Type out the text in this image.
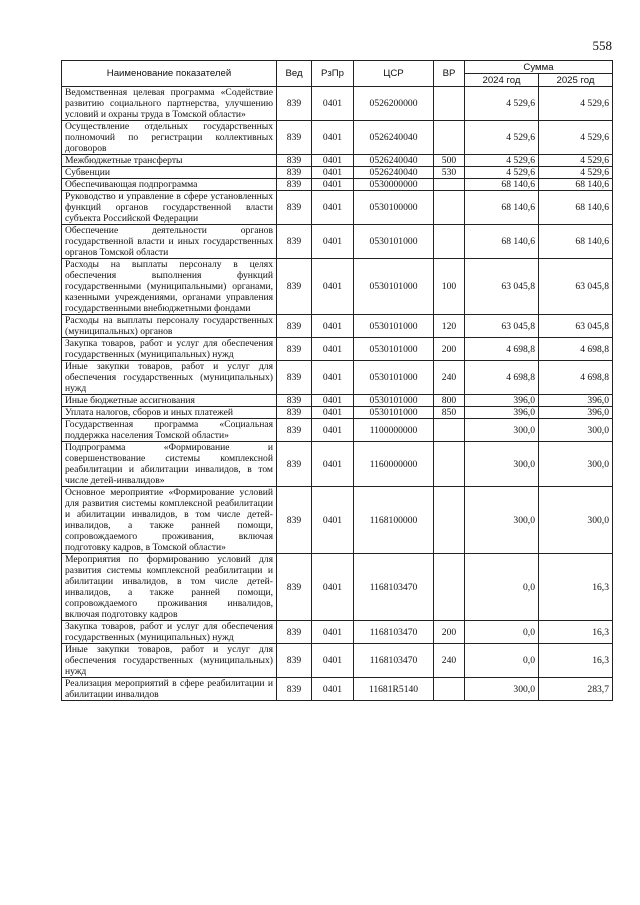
558
Наименование показателей	Вед	РзПр	ЦСР	ВР	Сумма	
					2024 год	2025 год
Ведомственная целевая программа «Содействие развитию социального партнерства, улучшению условий и охраны труда в Томской области»	839	0401	0526200000		4 529,6	4 529,6
Осуществление отдельных государственных полномочий по регистрации коллективных договоров	839	0401	0526240040		4 529,6	4 529,6
Межбюджетные трансферты	839	0401	0526240040	500	4 529,6	4 529,6
Субвенции	839	0401	0526240040	530	4 529,6	4 529,6
Обеспечивающая подпрограмма	839	0401	0530000000		68 140,6	68 140,6
Руководство и управление в сфере установленных функций органов государственной власти субъекта Российской Федерации	839	0401	0530100000		68 140,6	68 140,6
Обеспечение деятельности органов государственной власти и иных государственных органов Томской области	839	0401	0530101000		68 140,6	68 140,6
Расходы на выплаты персоналу в целях обеспечения выполнения функций государственными (муниципальными) органами, казенными учреждениями, органами управления государственными внебюджетными фондами	839	0401	0530101000	100	63 045,8	63 045,8
Расходы на выплаты персоналу государственных (муниципальных) органов	839	0401	0530101000	120	63 045,8	63 045,8
Закупка товаров, работ и услуг для обеспечения государственных (муниципальных) нужд	839	0401	0530101000	200	4 698,8	4 698,8
Иные закупки товаров, работ и услуг для обеспечения государственных (муниципальных) нужд	839	0401	0530101000	240	4 698,8	4 698,8
Иные бюджетные ассигнования	839	0401	0530101000	800	396,0	396,0
Уплата налогов, сборов и иных платежей	839	0401	0530101000	850	396,0	396,0
Государственная программа «Социальная поддержка населения Томской области»	839	0401	1100000000		300,0	300,0
Подпрограмма «Формирование и совершенствование системы комплексной реабилитации и абилитации инвалидов, в том числе детей-инвалидов»	839	0401	1160000000		300,0	300,0
Основное мероприятие «Формирование условий для развития системы комплексной реабилитации и абилитации инвалидов, в том числе детей-инвалидов, а также ранней помощи, сопровождаемого проживания, включая подготовку кадров, в Томской области»	839	0401	1168100000		300,0	300,0
Мероприятия по формированию условий для развития системы комплексной реабилитации и абилитации инвалидов, в том числе детей-инвалидов, а также ранней помощи, сопровождаемого проживания инвалидов, включая подготовку кадров	839	0401	1168103470		0,0	16,3
Закупка товаров, работ и услуг для обеспечения государственных (муниципальных) нужд	839	0401	1168103470	200	0,0	16,3
Иные закупки товаров, работ и услуг для обеспечения государственных (муниципальных) нужд	839	0401	1168103470	240	0,0	16,3
Реализация мероприятий в сфере реабилитации и абилитации инвалидов	839	0401	11681R5140		300,0	283,7
